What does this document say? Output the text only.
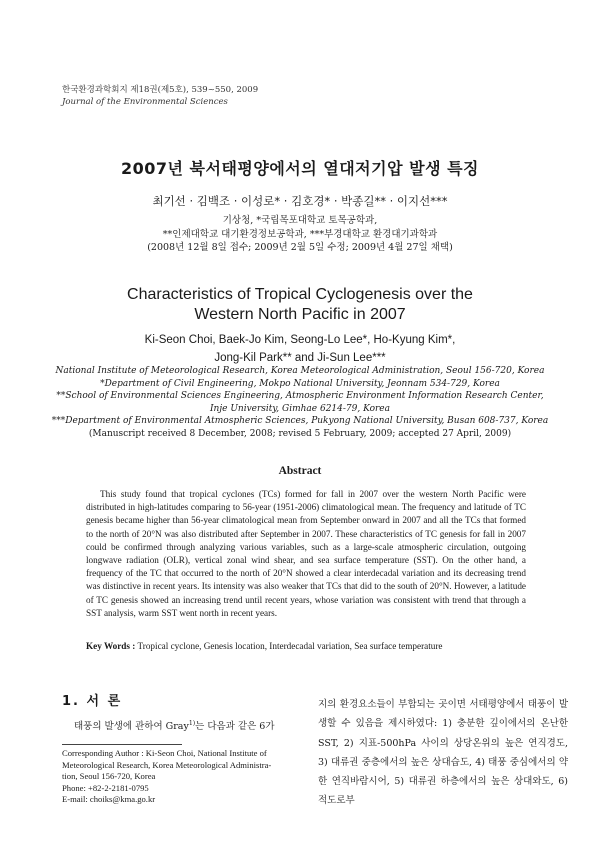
한국환경과학회지 제18권(제5호), 539~550, 2009
Journal of the Environmental Sciences
2007년 북서태평양에서의 열대저기압 발생 특징
최기선 · 김백조 · 이성로* · 김호경* · 박종길** · 이지선***
기상청, *국립목포대학교 토목공학과,
**인제대학교 대기환경정보공학과, ***부경대학교 환경대기과학과
(2008년 12월 8일 접수; 2009년 2월 5일 수정; 2009년 4월 27일 채택)
Characteristics of Tropical Cyclogenesis over the
Western North Pacific in 2007
Ki-Seon Choi, Baek-Jo Kim, Seong-Lo Lee*, Ho-Kyung Kim*,
Jong-Kil Park** and Ji-Sun Lee***
National Institute of Meteorological Research, Korea Meteorological Administration, Seoul 156-720, Korea
*Department of Civil Engineering, Mokpo National University, Jeonnam 534-729, Korea
**School of Environmental Sciences Engineering, Atmospheric Environment Information Research Center,
Inje University, Gimhae 6214-79, Korea
***Department of Environmental Atmospheric Sciences, Pukyong National University, Busan 608-737, Korea
(Manuscript received 8 December, 2008; revised 5 February, 2009; accepted 27 April, 2009)
Abstract
This study found that tropical cyclones (TCs) formed for fall in 2007 over the western North Pacific were distributed in high-latitudes comparing to 56-year (1951-2006) climatological mean. The frequency and latitude of TC genesis became higher than 56-year climatological mean from September onward in 2007 and all the TCs that formed to the north of 20°N was also distributed after September in 2007. These characteristics of TC genesis for fall in 2007 could be confirmed through analyzing various variables, such as a large-scale atmospheric circulation, outgoing longwave radiation (OLR), vertical zonal wind shear, and sea surface temperature (SST). On the other hand, a frequency of the TC that occurred to the north of 20°N showed a clear interdecadal variation and its decreasing trend was distinctive in recent years. Its intensity was also weaker that TCs that did to the south of 20°N. However, a latitude of TC genesis showed an increasing trend until recent years, whose variation was consistent with trend that through a SST analysis, warm SST went north in recent years.
Key Words : Tropical cyclone, Genesis location, Interdecadal variation, Sea surface temperature
1. 서 론
태풍의 발생에 관하여 Gray$^{1)}$는 다음과 같은 6가
Corresponding Author : Ki-Seon Choi, National Institute of
Meteorological Research, Korea Meteorological Administra-
tion, Seoul 156-720, Korea
Phone: +82-2-2181-0795
E-mail: choiks@kma.go.kr
지의 환경요소들이 부합되는 곳이면 서태평양에서 태풍이 발생할 수 있음을 제시하였다: 1) 충분한 깊이에서의 온난한 SST, 2) 지표-500hPa 사이의 상당온위의 높은 연직경도, 3) 대류권 중층에서의 높은 상대습도, 4) 태풍 중심에서의 약한 연직바람시어, 5) 대류권 하층에서의 높은 상대와도, 6) 적도로부
